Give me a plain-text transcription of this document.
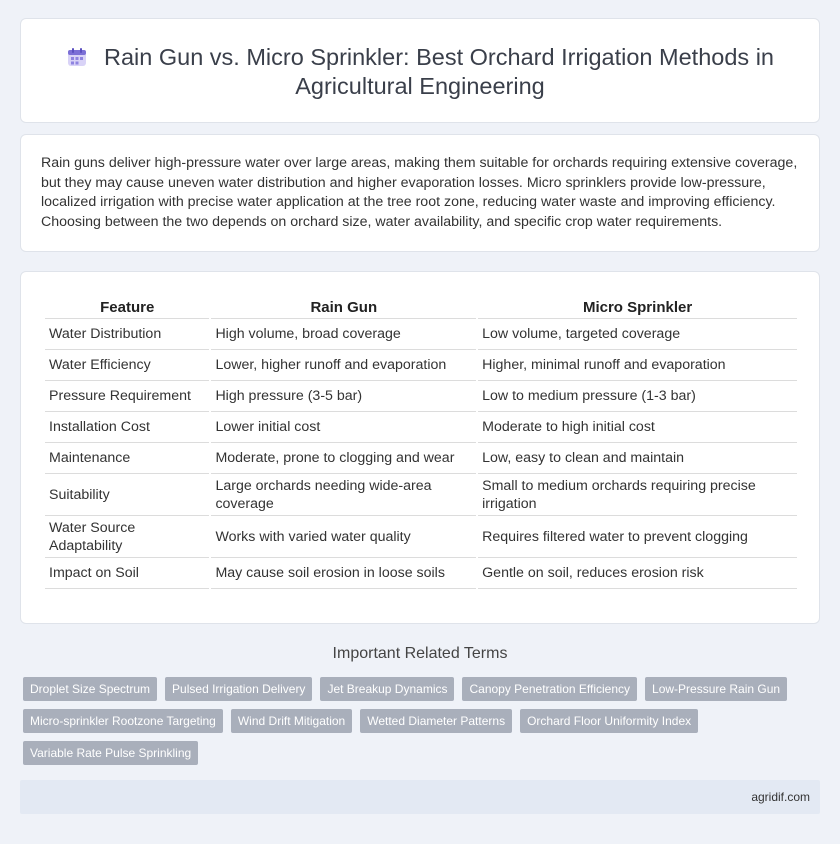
Rain Gun vs. Micro Sprinkler: Best Orchard Irrigation Methods in Agricultural Engineering

Rain guns deliver high-pressure water over large areas, making them suitable for orchards requiring extensive coverage, but they may cause uneven water distribution and higher evaporation losses. Micro sprinklers provide low-pressure, localized irrigation with precise water application at the tree root zone, reducing water waste and improving efficiency. Choosing between the two depends on orchard size, water availability, and specific crop water requirements.

Feature	Rain Gun	Micro Sprinkler
Water Distribution	High volume, broad coverage	Low volume, targeted coverage
Water Efficiency	Lower, higher runoff and evaporation	Higher, minimal runoff and evaporation
Pressure Requirement	High pressure (3-5 bar)	Low to medium pressure (1-3 bar)
Installation Cost	Lower initial cost	Moderate to high initial cost
Maintenance	Moderate, prone to clogging and wear	Low, easy to clean and maintain
Suitability	Large orchards needing wide-area coverage	Small to medium orchards requiring precise irrigation
Water Source Adaptability	Works with varied water quality	Requires filtered water to prevent clogging
Impact on Soil	May cause soil erosion in loose soils	Gentle on soil, reduces erosion risk
Important Related Terms
Droplet Size Spectrum	Pulsed Irrigation Delivery	Jet Breakup Dynamics	Canopy Penetration Efficiency	Low-Pressure Rain Gun
Micro-sprinkler Rootzone Targeting	Wind Drift Mitigation	Wetted Diameter Patterns	Orchard Floor Uniformity Index
Variable Rate Pulse Sprinkling
agridif.com
